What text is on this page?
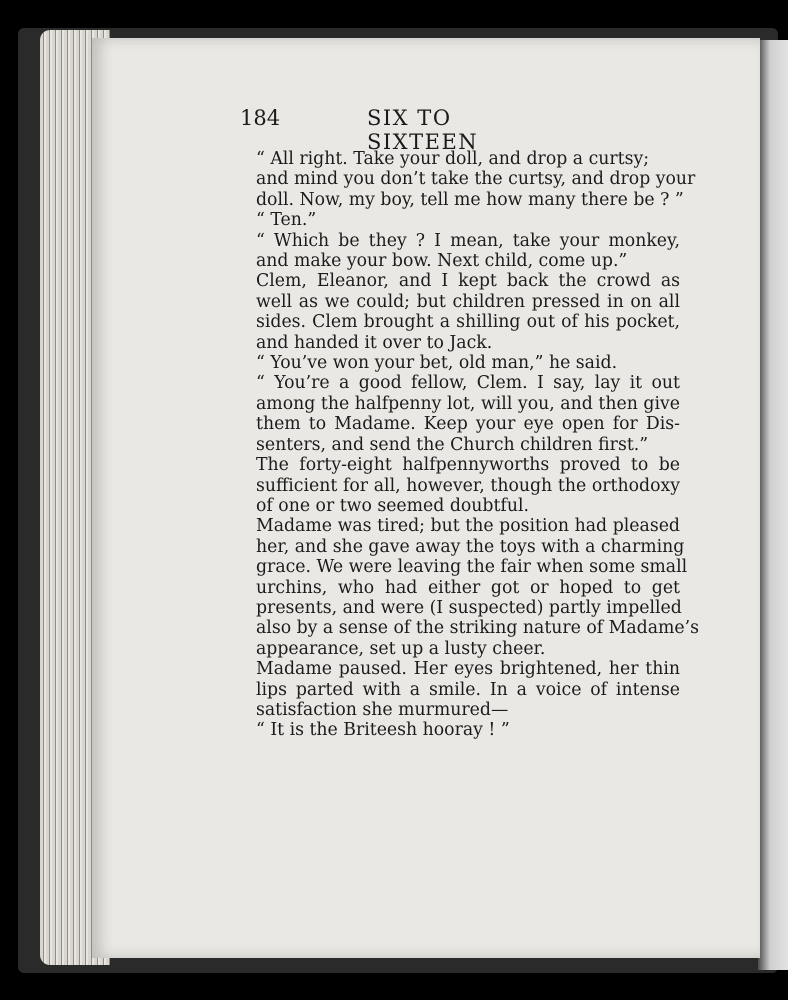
184	SIX TO SIXTEEN
“ All right. Take your doll, and drop a curtsy;
and mind you don’t take the curtsy, and drop your
doll. Now, my boy, tell me how many there be ? ”
“ Ten.”
“ Which be they ? I mean, take your monkey,
and make your bow. Next child, come up.”
Clem, Eleanor, and I kept back the crowd as
well as we could; but children pressed in on all
sides. Clem brought a shilling out of his pocket,
and handed it over to Jack.
“ You’ve won your bet, old man,” he said.
“ You’re a good fellow, Clem. I say, lay it out
among the halfpenny lot, will you, and then give
them to Madame. Keep your eye open for Dis-
senters, and send the Church children first.”
The forty-eight halfpennyworths proved to be
sufficient for all, however, though the orthodoxy
of one or two seemed doubtful.
Madame was tired; but the position had pleased
her, and she gave away the toys with a charming
grace. We were leaving the fair when some small
urchins, who had either got or hoped to get
presents, and were (I suspected) partly impelled
also by a sense of the striking nature of Madame’s
appearance, set up a lusty cheer.
Madame paused. Her eyes brightened, her thin
lips parted with a smile. In a voice of intense
satisfaction she murmured—
“ It is the Briteesh hooray ! ”
